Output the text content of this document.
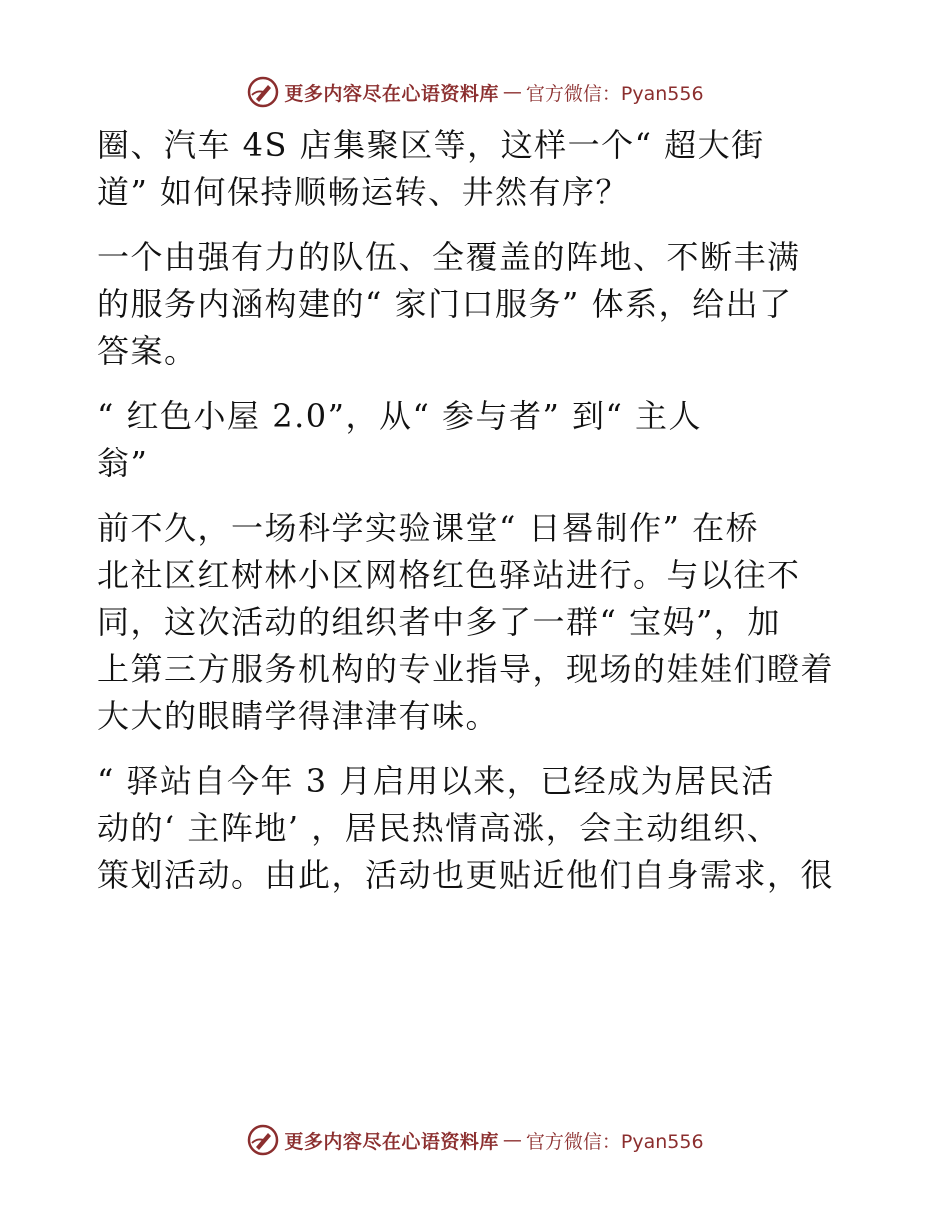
更多内容尽在心语资料库 — 官方微信：Pyan556

圈、汽车 4S 店集聚区等，这样一个“ 超大街
道” 如何保持顺畅运转、井然有序？

一个由强有力的队伍、全覆盖的阵地、不断丰满
的服务内涵构建的“ 家门口服务” 体系，给出了
答案。

“ 红色小屋 2.0”，从“ 参与者” 到“ 主人
翁”

前不久，一场科学实验课堂“ 日晷制作” 在桥
北社区红树林小区网格红色驿站进行。与以往不
同，这次活动的组织者中多了一群“ 宝妈”，加
上第三方服务机构的专业指导，现场的娃娃们瞪着
大大的眼睛学得津津有味。

“ 驿站自今年 3 月启用以来，已经成为居民活
动的‘ 主阵地’ ，居民热情高涨，会主动组织、
策划活动。由此，活动也更贴近他们自身需求，很

更多内容尽在心语资料库 — 官方微信：Pyan556
